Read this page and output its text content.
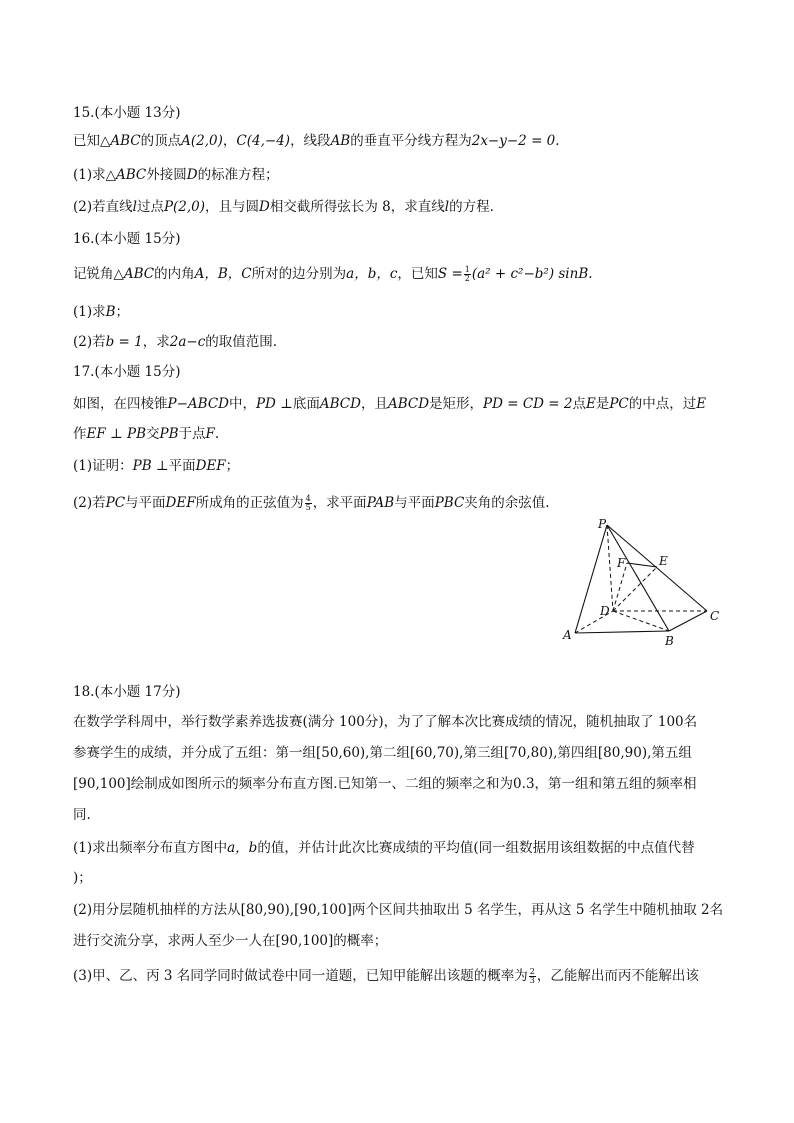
15.(本小题 13分)
已知△ABC的顶点A(2,0)，C(4,−4)，线段AB的垂直平分线方程为2x−y−2 = 0.
(1)求△ABC外接圆D的标准方程；
(2)若直线l过点P(2,0)，且与圆D相交截所得弦长为 8，求直线l的方程.
16.(本小题 15分)
记锐角△ABC的内角A，B，C所对的边分别为a，b，c，已知$S = \frac{1}{2} (a^2 + c^2-b^2)$ sinB.
(1)求B；
(2)若b = 1，求2a−c的取值范围.
17.(本小题 15分)
如图，在四棱锥P−ABCD中，PD ⊥底面ABCD，且ABCD是矩形，PD = CD = 2点E是PC的中点，过E
作EF ⊥ PB交PB于点F.
(1)证明：PB ⊥平面DEF；
(2)若PC与平面DEF所成角的正弦值为 $\frac{4}{5}$ ，求平面PAB与平面PBC夹角的余弦值.
P
F	E
D	C
A	B
18.(本小题 17分)
在数学学科周中，举行数学素养选拔赛(满分 100分)，为了了解本次比赛成绩的情况，随机抽取了 100名
参赛学生的成绩，并分成了五组：第一组[50,60),第二组[60,70),第三组[70,80),第四组[80,90),第五组
[90,100]绘制成如图所示的频率分布直方图.已知第一、二组的频率之和为0.3，第一组和第五组的频率相
同.
(1)求出频率分布直方图中a，b的值，并估计此次比赛成绩的平均值(同一组数据用该组数据的中点值代替
)；
(2)用分层随机抽样的方法从[80,90),[90,100]两个区间共抽取出 5 名学生，再从这 5 名学生中随机抽取 2名
进行交流分享，求两人至少一人在[90,100]的概率；
(3)甲、乙、丙 3 名同学同时做试卷中同一道题，已知甲能解出该题的概率为 $\frac{2}{3}$ ，乙能解出而丙不能解出该
